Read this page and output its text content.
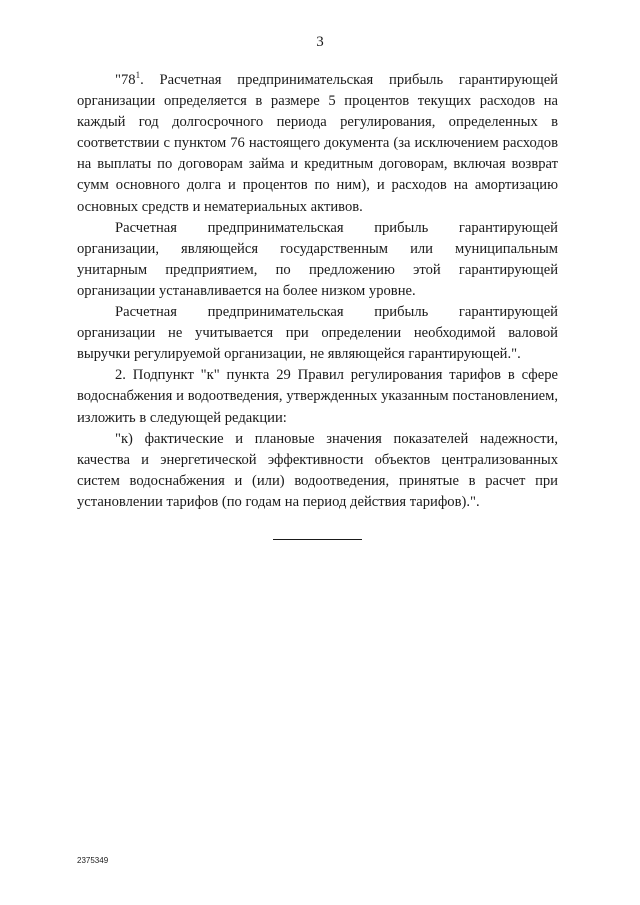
3

"$78^1$. Расчетная предпринимательская прибыль гарантирующей организации определяется в размере 5 процентов текущих расходов на каждый год долгосрочного периода регулирования, определенных в соответствии с пунктом 76 настоящего документа (за исключением расходов на выплаты по договорам займа и кредитным договорам, включая возврат сумм основного долга и процентов по ним), и расходов на амортизацию основных средств и нематериальных активов.

Расчетная предпринимательская прибыль гарантирующей организации, являющейся государственным или муниципальным унитарным предприятием, по предложению этой гарантирующей организации устанавливается на более низком уровне.

Расчетная предпринимательская прибыль гарантирующей организации не учитывается при определении необходимой валовой выручки регулируемой организации, не являющейся гарантирующей.".

2. Подпункт "к" пункта 29 Правил регулирования тарифов в сфере водоснабжения и водоотведения, утвержденных указанным постановлением, изложить в следующей редакции:

"к) фактические и плановые значения показателей надежности, качества и энергетической эффективности объектов централизованных систем водоснабжения и (или) водоотведения, принятые в расчет при установлении тарифов (по годам на период действия тарифов).".

2375349
